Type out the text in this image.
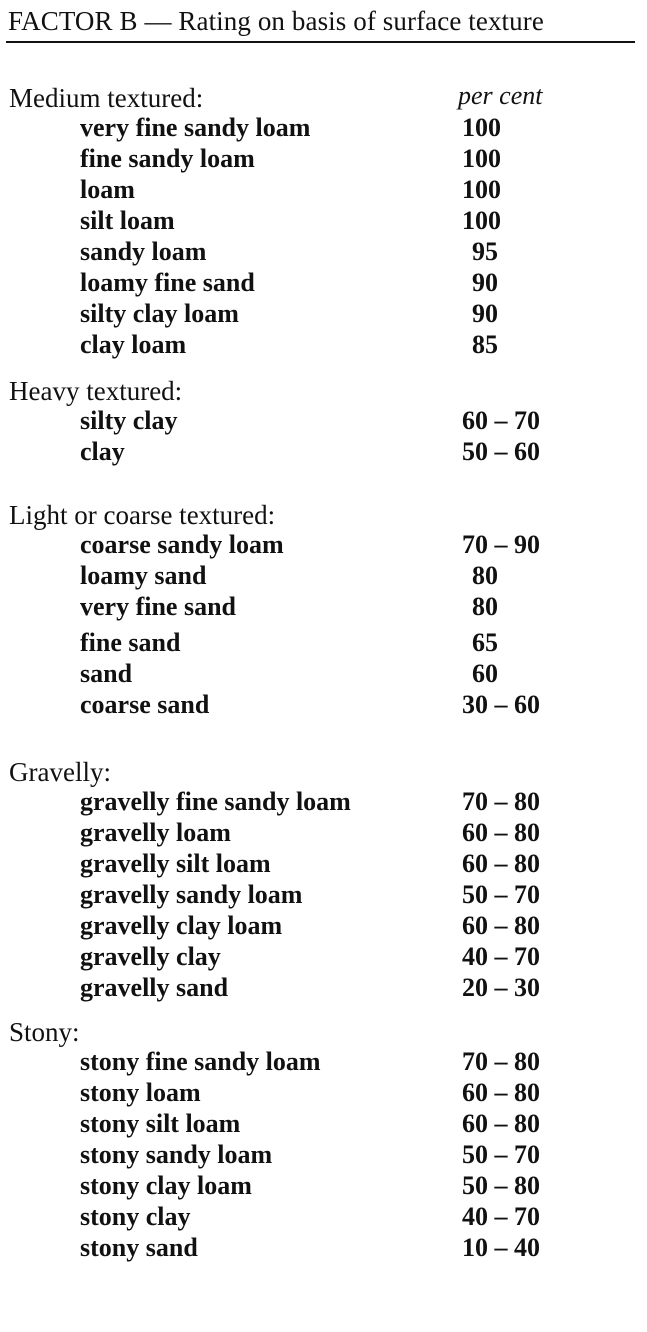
FACTOR B — Rating on basis of surface texture
Medium textured:	per cent
very fine sandy loam	100
fine sandy loam	100
loam	100
silt loam	100
sandy loam	95
loamy fine sand	90
silty clay loam	90
clay loam	85
Heavy textured:
silty clay	60 – 70
clay	50 – 60
Light or coarse textured:
coarse sandy loam	70 – 90
loamy sand	80
very fine sand	80
fine sand	65
sand	60
coarse sand	30 – 60
Gravelly:
gravelly fine sandy loam	70 – 80
gravelly loam	60 – 80
gravelly silt loam	60 – 80
gravelly sandy loam	50 – 70
gravelly clay loam	60 – 80
gravelly clay	40 – 70
gravelly sand	20 – 30
Stony:
stony fine sandy loam	70 – 80
stony loam	60 – 80
stony silt loam	60 – 80
stony sandy loam	50 – 70
stony clay loam	50 – 80
stony clay	40 – 70
stony sand	10 – 40
